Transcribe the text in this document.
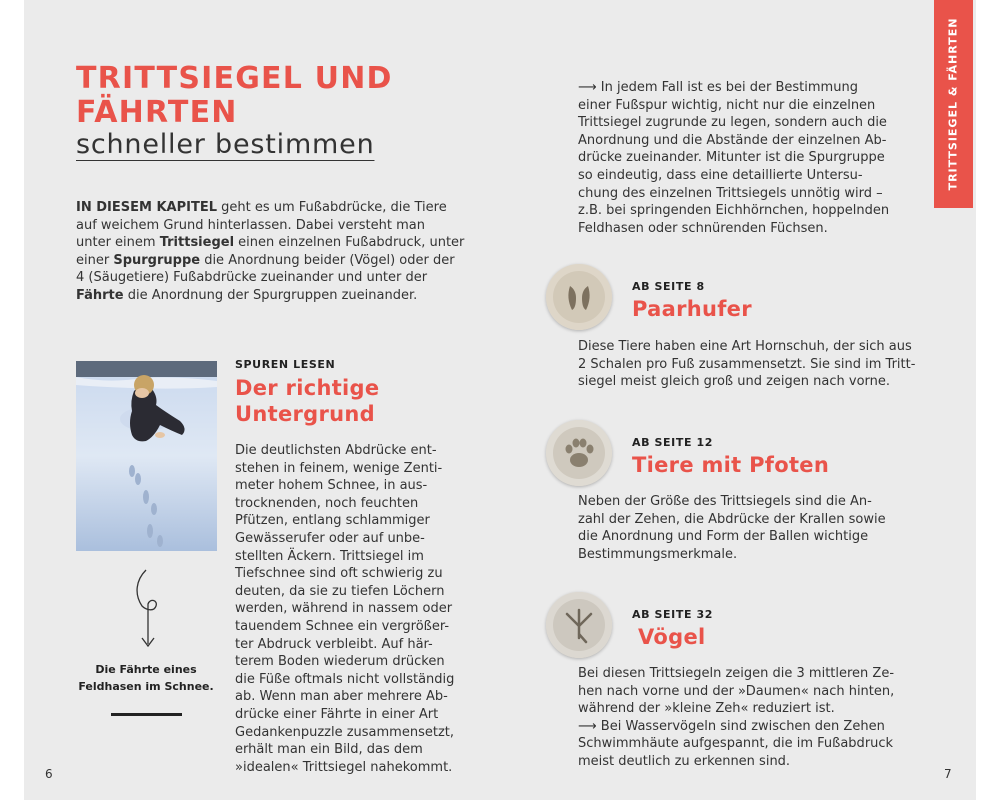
TRITTSIEGEL UND
FÄHRTEN
schneller bestimmen
IN DIESEM KAPITEL geht es um Fußabdrücke, die Tiere
auf weichem Grund hinterlassen. Dabei versteht man
unter einem Trittsiegel einen einzelnen Fußabdruck, unter
einer Spurgruppe die Anordnung beider (Vögel) oder der
4 (Säugetiere) Fußabdrücke zueinander und unter der
Fährte die Anordnung der Spurgruppen zueinander.
Die Fährte eines
Feldhasen im Schnee.
SPUREN LESEN
Der richtige
Untergrund
Die deutlichsten Abdrücke ent-
stehen in feinem, wenige Zenti-
meter hohem Schnee, in aus-
trocknenden, noch feuchten
Pfützen, entlang schlammiger
Gewässerufer oder auf unbe-
stellten Äckern. Trittsiegel im
Tiefschnee sind oft schwierig zu
deuten, da sie zu tiefen Löchern
werden, während in nassem oder
tauendem Schnee ein vergrößer-
ter Abdruck verbleibt. Auf här-
terem Boden wiederum drücken
die Füße oftmals nicht vollständig
ab. Wenn man aber mehrere Ab-
drücke einer Fährte in einer Art
Gedankenpuzzle zusammensetzt,
erhält man ein Bild, das dem
»idealen« Trittsiegel nahekommt.
6
⟶ In jedem Fall ist es bei der Bestimmung
einer Fußspur wichtig, nicht nur die einzelnen
Trittsiegel zugrunde zu legen, sondern auch die
Anordnung und die Abstände der einzelnen Ab-
drücke zueinander. Mitunter ist die Spurgruppe
so eindeutig, dass eine detaillierte Untersu-
chung des einzelnen Trittsiegels unnötig wird –
z.B. bei springenden Eichhörnchen, hoppelnden
Feldhasen oder schnürenden Füchsen.
AB SEITE 8
Paarhufer
Diese Tiere haben eine Art Hornschuh, der sich aus
2 Schalen pro Fuß zusammensetzt. Sie sind im Tritt-
siegel meist gleich groß und zeigen nach vorne.
AB SEITE 12
Tiere mit Pfoten
Neben der Größe des Trittsiegels sind die An-
zahl der Zehen, die Abdrücke der Krallen sowie
die Anordnung und Form der Ballen wichtige
Bestimmungsmerkmale.
AB SEITE 32
Vögel
Bei diesen Trittsiegeln zeigen die 3 mittleren Ze-
hen nach vorne und der »Daumen« nach hinten,
während der »kleine Zeh« reduziert ist.
⟶ Bei Wasservögeln sind zwischen den Zehen
Schwimmhäute aufgespannt, die im Fußabdruck
meist deutlich zu erkennen sind.
7
TRITTSIEGEL & FÄHRTEN
